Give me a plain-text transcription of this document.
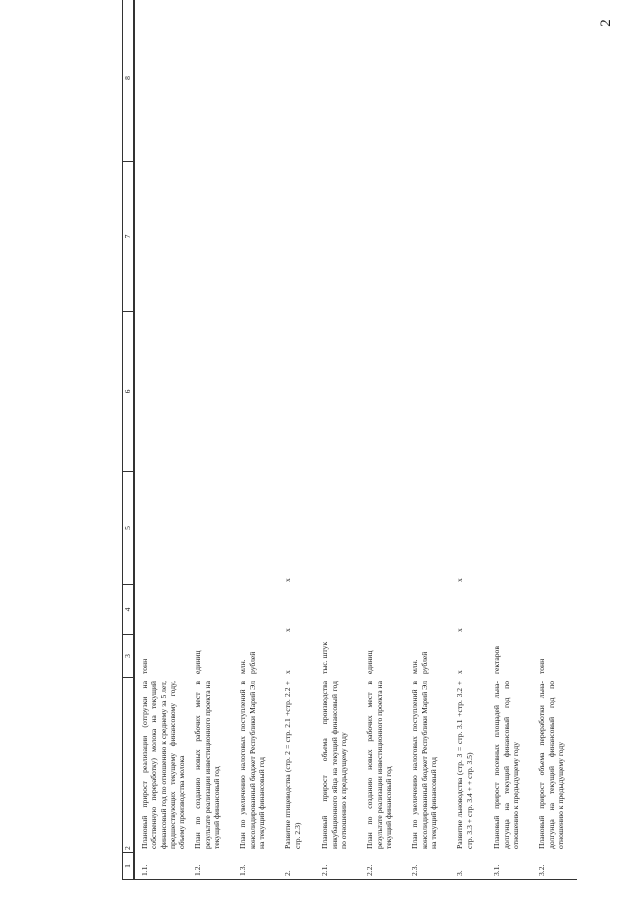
2
1	2	3	4	5	6	7	8
1.1.	Плановый прирост реализации (отгрузки на собственную переработку) молока на текущий финансовый год по отношению к среднему за 5 лет, предшествующих текущему финансовому году, объему производства молока	тонн					
1.2.	План по созданию новых рабочих мест в результате реализации инвестиционного проекта на текущий финансовый год	единиц					
1.3.	План по увеличению налоговых поступлений в консолидированный бюджет Республики Марий Эл на текущий финансовый год	млн. рублей					
2.	Развитие птицеводства (стр. 2 = стр. 2.1 +стр. 2.2 + стр. 2.3)	х	х	х			
2.1.	Плановый прирост объема производства инкубационного яйца на текущий финансовый год по отношению к предыдущему году	тыс. штук					
2.2.	План по созданию новых рабочих мест в результате реализации инвестиционного проекта на текущий финансовый год	единиц					
2.3.	План по увеличению налоговых поступлений в консолидированный бюджет Республики Марий Эл на текущий финансовый год	млн. рублей					
3.	Развитие льноводства (стр. 3 = стр. 3.1 +стр. 3.2 + стр. 3.3 + стр. 3.4 + + стр. 3.5)	х	х	х			
3.1.	Плановый прирост посевных площадей льна-долгунца на текущий финансовый год по отношению к предыдущему году	гектаров					
3.2.	Плановый прирост объема переработки льна-долгунца на текущий финансовый год по отношению к предыдущему году	тонн					
